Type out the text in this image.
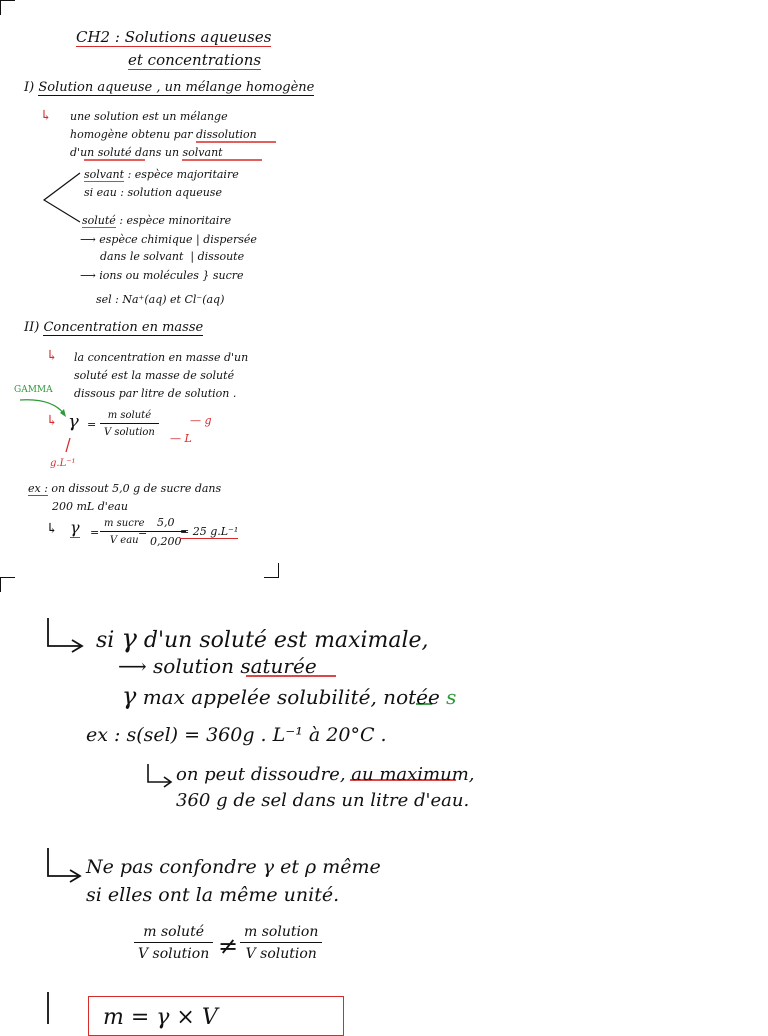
CH2 : Solutions aqueuses
et concentrations
I) Solution aqueuse , un mélange homogène
↳ une solution est un mélange
homogène obtenu par dissolution
d'un soluté dans un solvant
solvant : espèce majoritaire
si eau : solution aqueuse
soluté : espèce minoritaire
⟶ espèce chimique | dispersée
dans le solvant  | dissoute
⟶ ions ou molécules } sucre
sel : Na⁺(aq) et Cl⁻(aq)
II) Concentration en masse
↳ la concentration en masse d'un
soluté est la masse de soluté
dissous par litre de solution .
GAMMA
↳ γ =
m soluté
V solution
— g
— L
g.L⁻¹
ex : on dissout 5,0 g de sucre dans
200 mL d'eau
↳ γ =
m sucre
V eau
=
$\frac{5,0}{0,200}$
= 25 g.L⁻¹
si γ d'un soluté est maximale,
⟶ solution saturée
γ max appelée solubilité, notée s
ex : s(sel) = 360g . L⁻¹ à 20°C .
on peut dissoudre, au maximum,
360 g de sel dans un litre d'eau.
Ne pas confondre γ et ρ même
si elles ont la même unité.
m soluté
V solution ≠ m solution
V solution
m = γ × V
